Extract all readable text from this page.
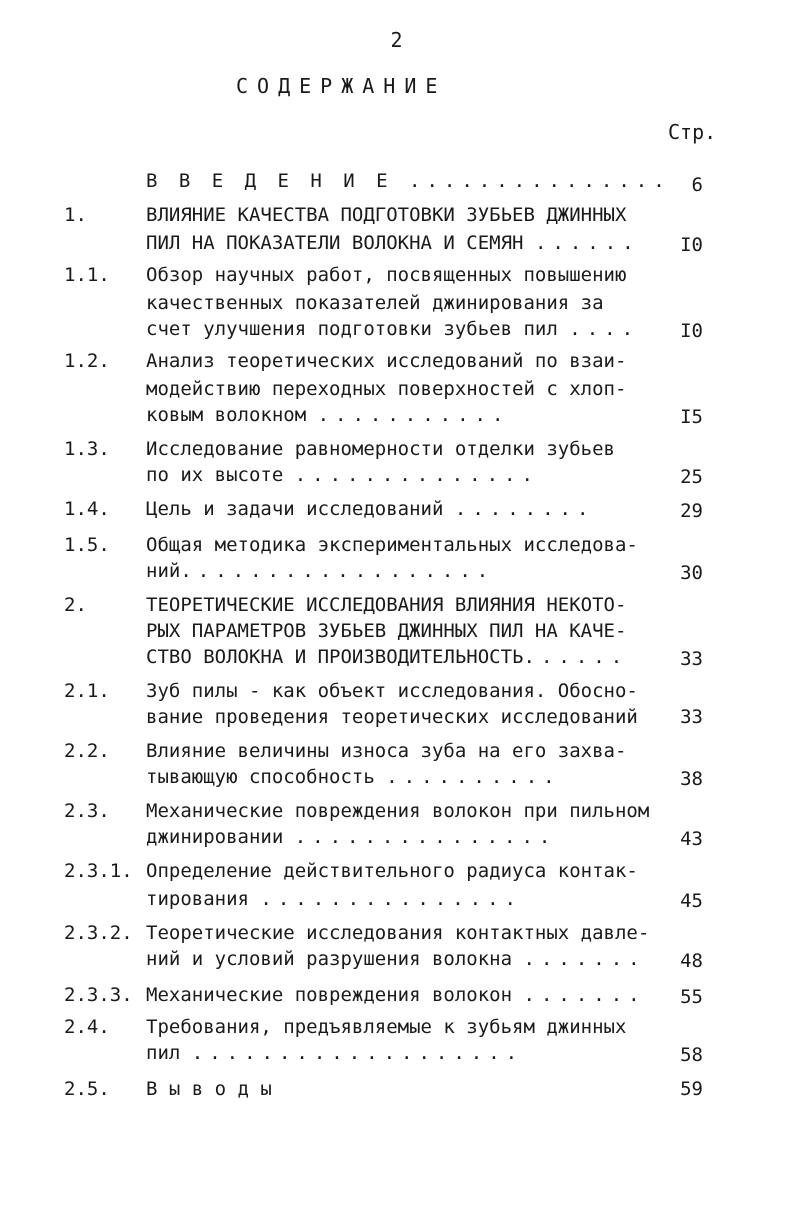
2
СОДЕРЖАНИЕ
Стр.
В В Е Д Е Н И Е ...............	6
1.	ВЛИЯНИЕ КАЧЕСТВА ПОДГОТОВКИ ЗУБЬЕВ ДЖИННЫХ
ПИЛ НА ПОКАЗАТЕЛИ ВОЛОКНА И СЕМЯН ......	I0
1.1. Обзор научных работ, посвященных повышению
качественных показателей джинирования за
счет улучшения подготовки зубьев пил ....	I0
1.2. Анализ теоретических исследований по взаи-
модействию переходных поверхностей с хлоп-
ковым волокном ...........	I5
1.3. Исследование равномерности отделки зубьев
по их высоте ..............	25
1.4. Цель и задачи исследований ........	29
1.5. Общая методика экспериментальных исследова-
ний..................	30
2.	ТЕОРЕТИЧЕСКИЕ ИССЛЕДОВАНИЯ ВЛИЯНИЯ НЕКОТО-
РЫХ ПАРАМЕТРОВ ЗУБЬЕВ ДЖИННЫХ ПИЛ НА КАЧЕ-
СТВО ВОЛОКНА И ПРОИЗВОДИТЕЛЬНОСТЬ......	33
2.1. Зуб пилы - как объект исследования. Обосно-
вание проведения теоретических исследований	33
2.2. Влияние величины износа зуба на его захва-
тывающую способность ..........	38
2.3. Механические повреждения волокон при пильном
джинировании ...............	43
2.3.1. Определение действительного радиуса контак-
тирования ...............	45
2.3.2. Теоретические исследования контактных давле-
ний и условий разрушения волокна .......	48
2.3.3. Механические повреждения волокон .......	55
2.4. Требования, предъявляемые к зубьям джинных
пил ...................	58
2.5. В ы в о д ы	59
